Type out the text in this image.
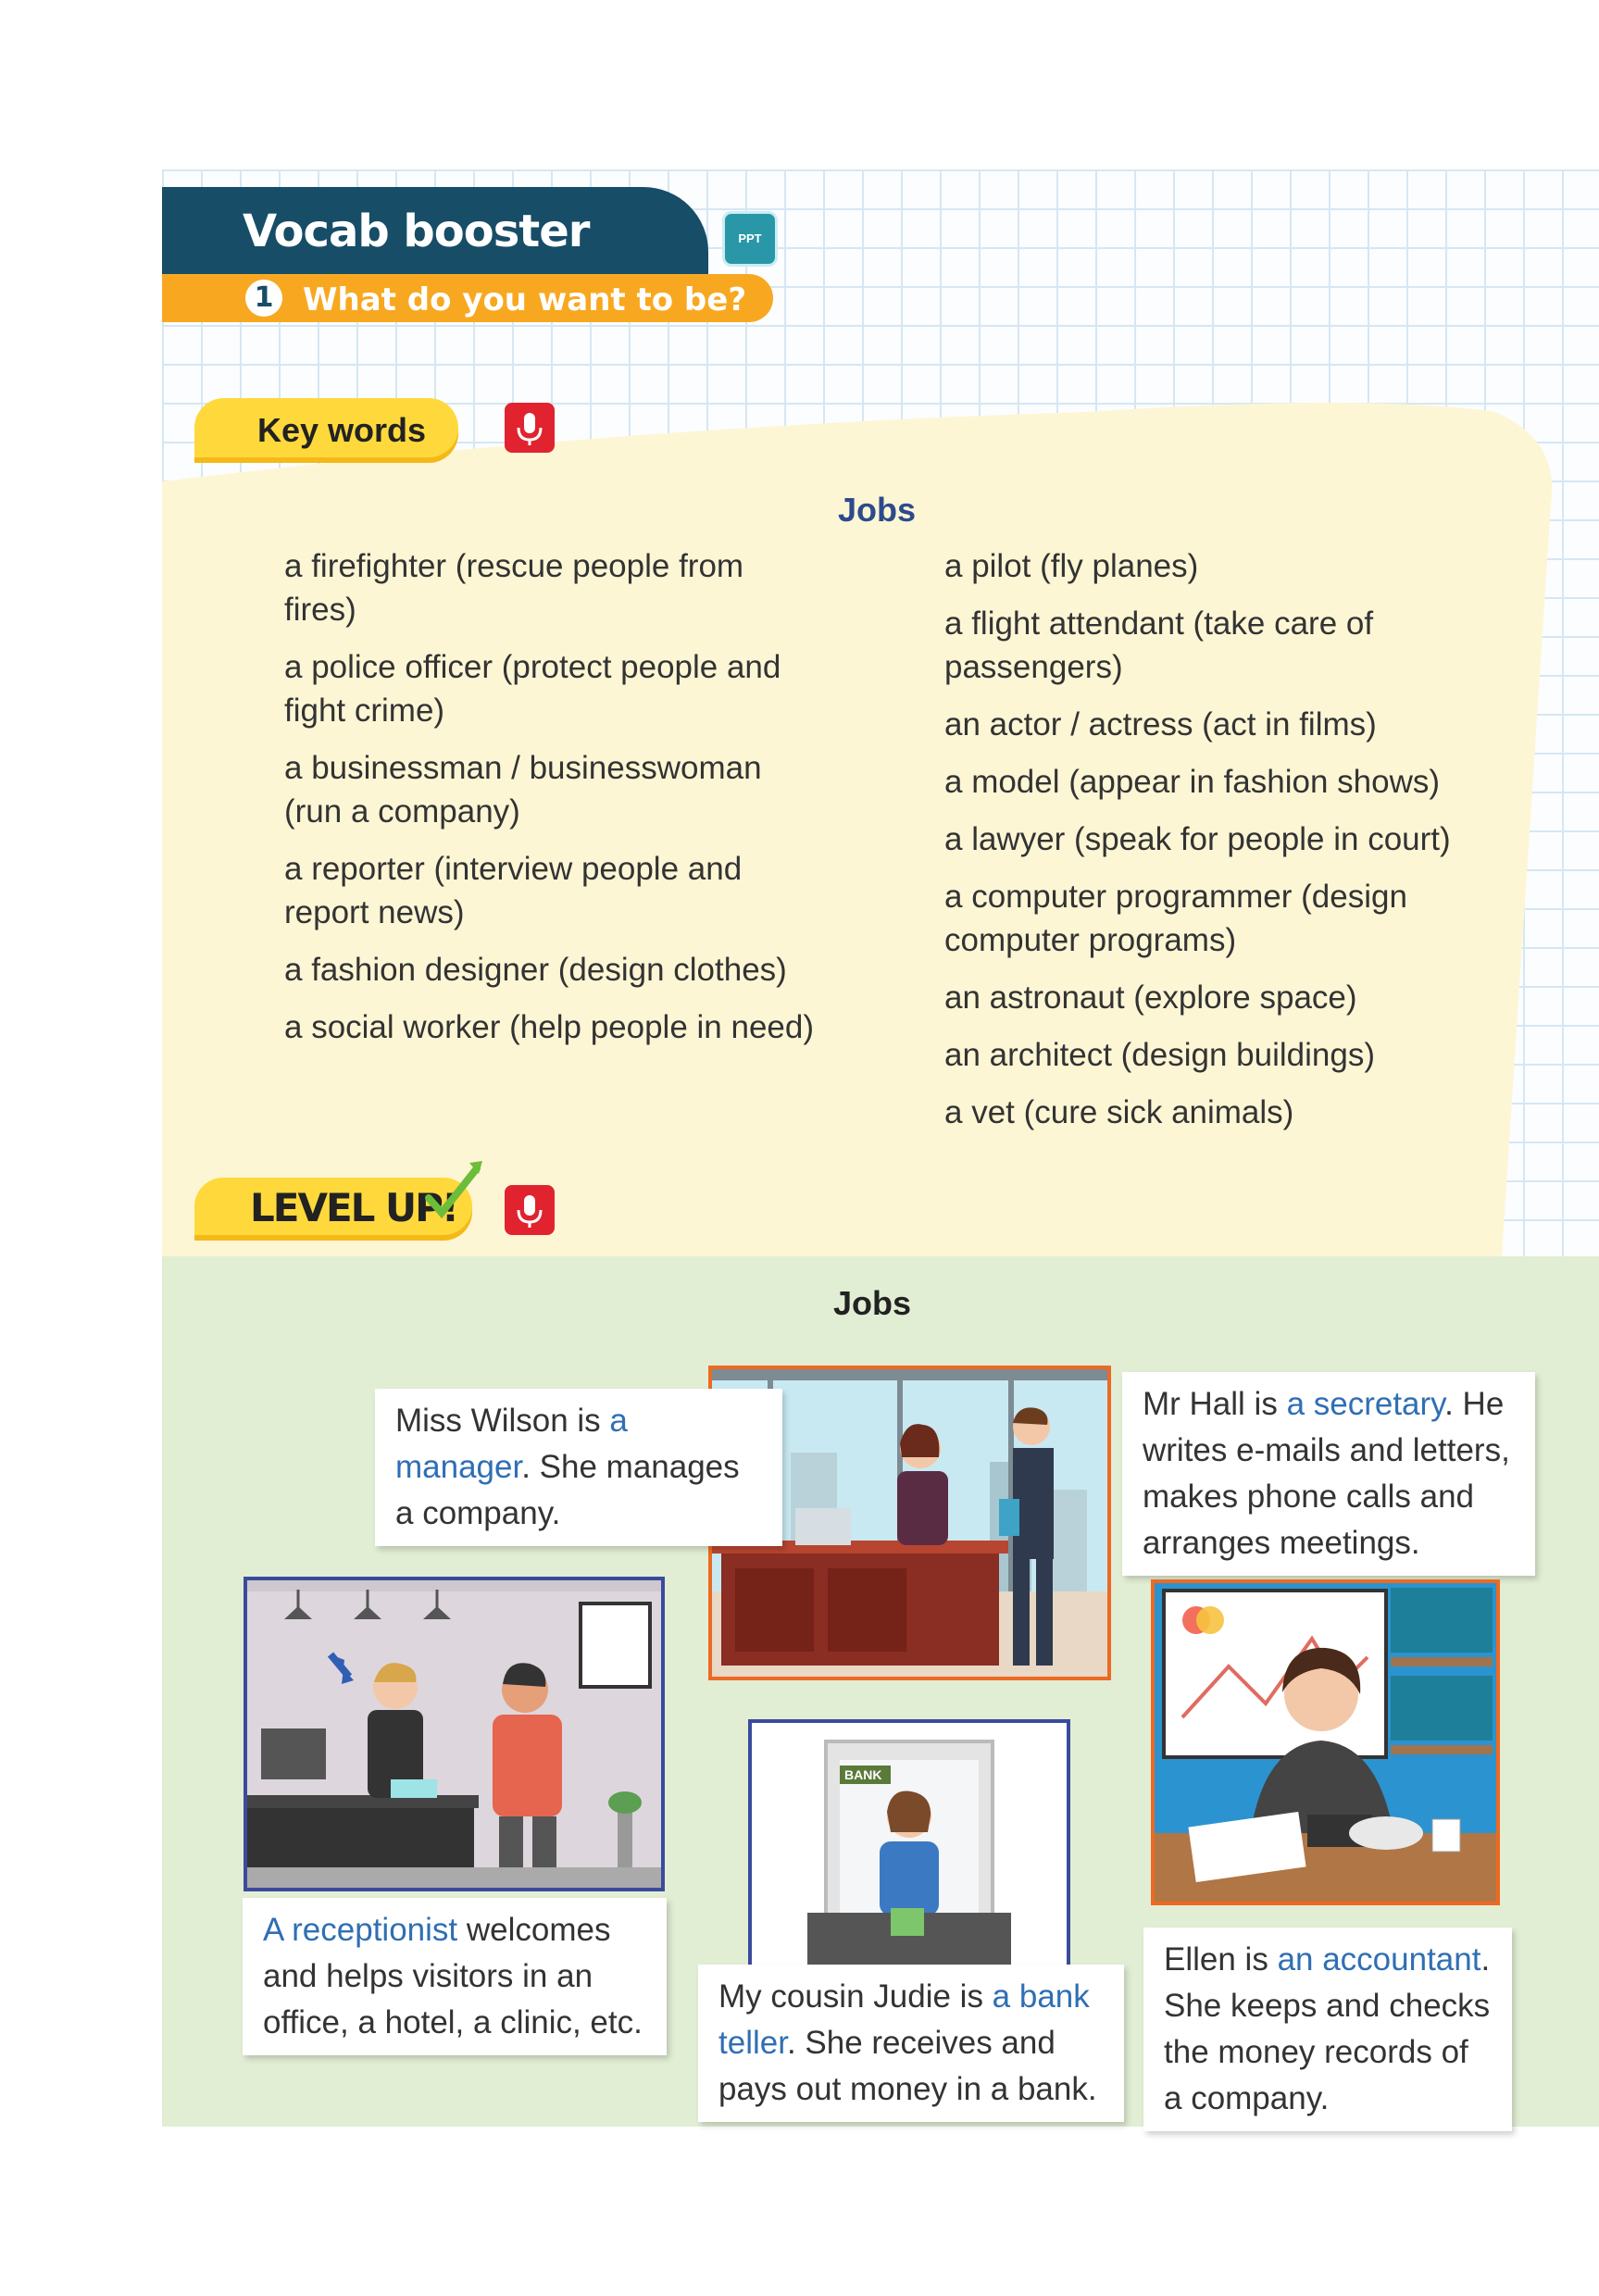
Vocab booster
1 What do you want to be?
PPT
Key words
Jobs
a firefighter (rescue people from fires)
a police officer (protect people and fight crime)
a businessman / businesswoman (run a company)
a reporter (interview people and report news)
a fashion designer (design clothes)
a social worker (help people in need)
a pilot (fly planes)
a flight attendant (take care of passengers)
an actor / actress (act in films)
a model (appear in fashion shows)
a lawyer (speak for people in court)
a computer programmer (design computer programs)
an astronaut (explore space)
an architect (design buildings)
a vet (cure sick animals)
LEVEL UP!
Jobs
Miss Wilson is a manager. She manages a company.
Mr Hall is a secretary. He writes e-mails and letters, makes phone calls and arranges meetings.
A receptionist welcomes and helps visitors in an office, a hotel, a clinic, etc.
BANK
My cousin Judie is a bank teller. She receives and pays out money in a bank.
Ellen is an accountant. She keeps and checks the money records of a company.
